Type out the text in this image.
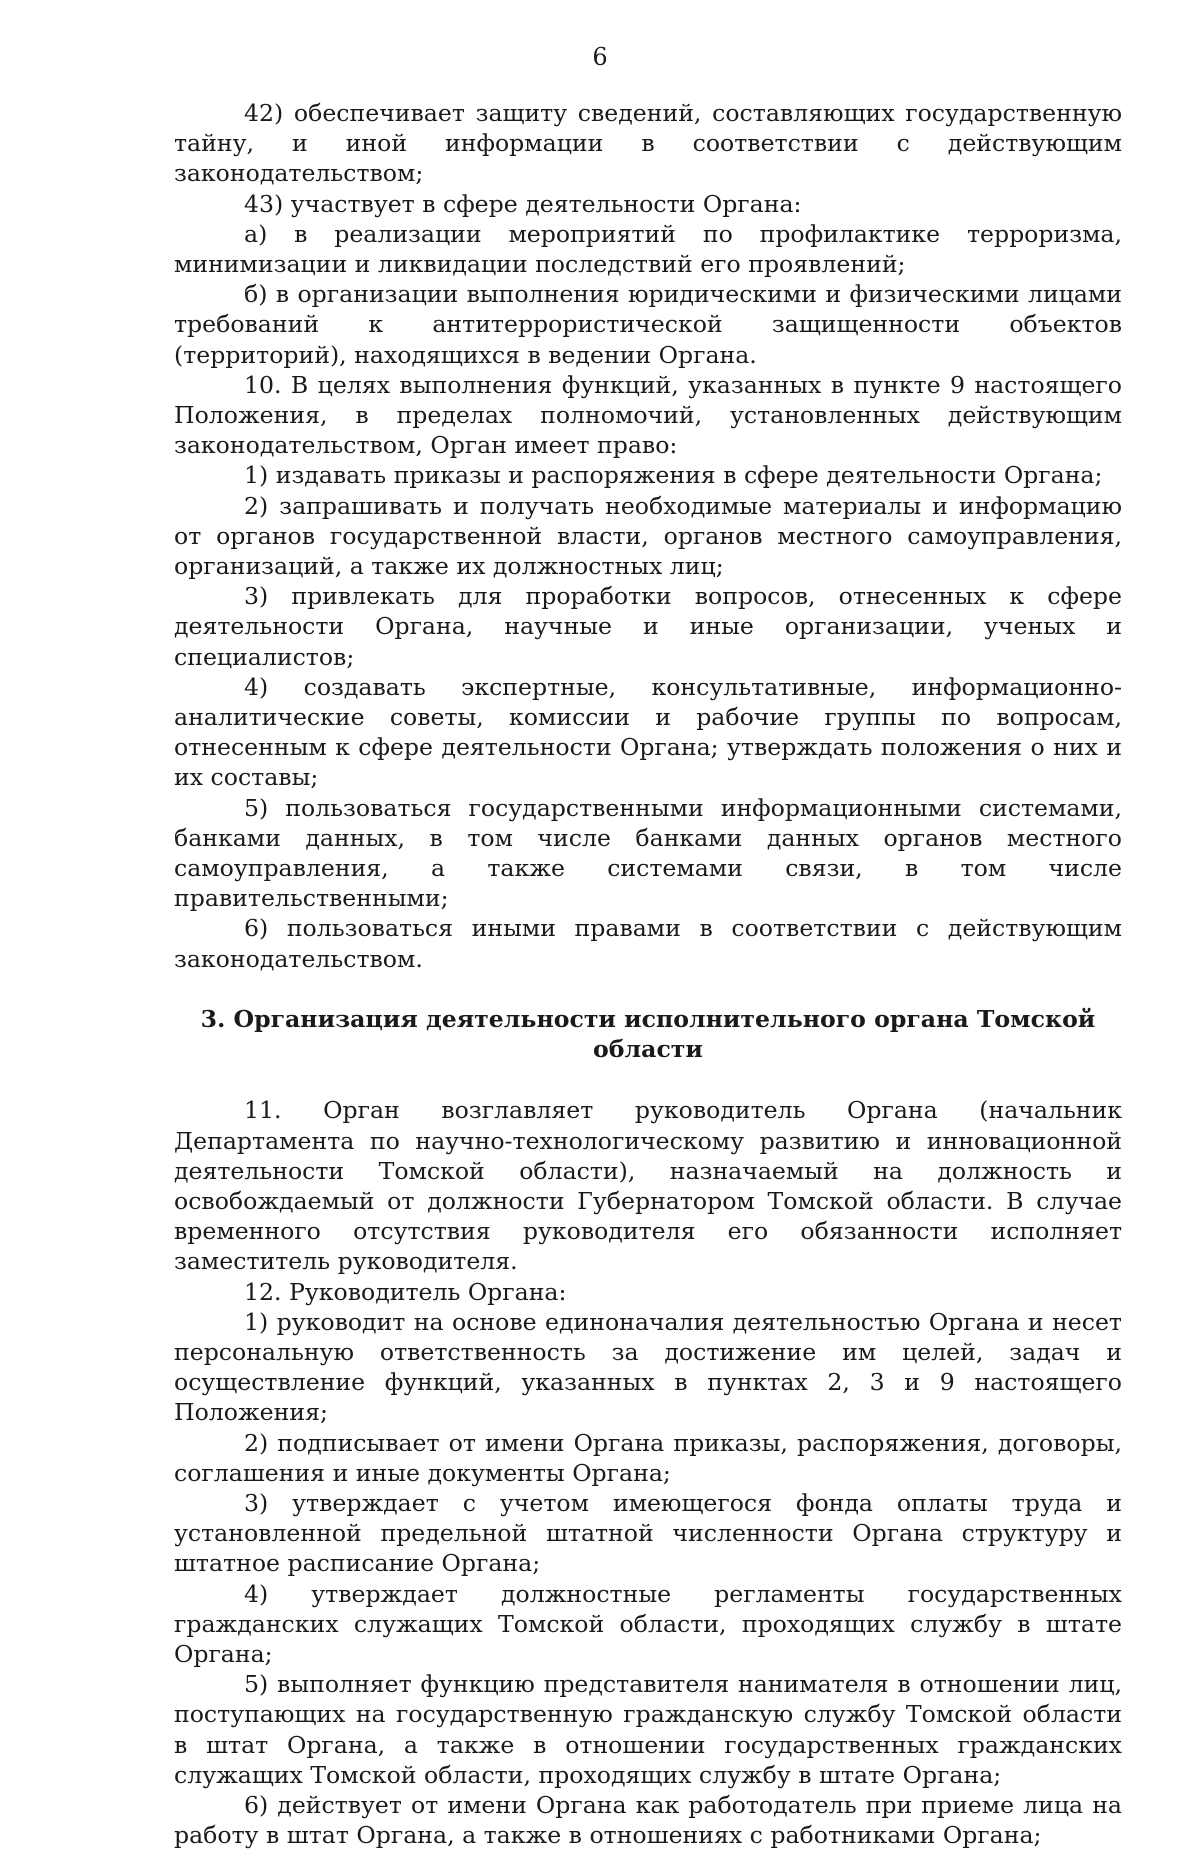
6

42) обеспечивает защиту сведений, составляющих государственную тайну, и иной информации в соответствии с действующим законодательством;

43) участвует в сфере деятельности Органа:

а) в реализации мероприятий по профилактике терроризма, минимизации и ликвидации последствий его проявлений;

б) в организации выполнения юридическими и физическими лицами требований к антитеррористической защищенности объектов (территорий), находящихся в ведении Органа.

10. В целях выполнения функций, указанных в пункте 9 настоящего Положения, в пределах полномочий, установленных действующим законодательством, Орган имеет право:

1) издавать приказы и распоряжения в сфере деятельности Органа;

2) запрашивать и получать необходимые материалы и информацию от органов государственной власти, органов местного самоуправления, организаций, а также их должностных лиц;

3) привлекать для проработки вопросов, отнесенных к сфере деятельности Органа, научные и иные организации, ученых и специалистов;

4) создавать экспертные, консультативные, информационно-аналитические советы, комиссии и рабочие группы по вопросам, отнесенным к сфере деятельности Органа; утверждать положения о них и их составы;

5) пользоваться государственными информационными системами, банками данных, в том числе банками данных органов местного самоуправления, а также системами связи, в том числе правительственными;

6) пользоваться иными правами в соответствии с действующим законодательством.

3. Организация деятельности исполнительного органа Томской области

11. Орган возглавляет руководитель Органа (начальник Департамента по научно-технологическому развитию и инновационной деятельности Томской области), назначаемый на должность и освобождаемый от должности Губернатором Томской области. В случае временного отсутствия руководителя его обязанности исполняет заместитель руководителя.

12. Руководитель Органа:

1) руководит на основе единоначалия деятельностью Органа и несет персональную ответственность за достижение им целей, задач и осуществление функций, указанных в пунктах 2, 3 и 9 настоящего Положения;

2) подписывает от имени Органа приказы, распоряжения, договоры, соглашения и иные документы Органа;

3) утверждает с учетом имеющегося фонда оплаты труда и установленной предельной штатной численности Органа структуру и штатное расписание Органа;

4) утверждает должностные регламенты государственных гражданских служащих Томской области, проходящих службу в штате Органа;

5) выполняет функцию представителя нанимателя в отношении лиц, поступающих на государственную гражданскую службу Томской области в штат Органа, а также в отношении государственных гражданских служащих Томской области, проходящих службу в штате Органа;

6) действует от имени Органа как работодатель при приеме лица на работу в штат Органа, а также в отношениях с работниками Органа;
